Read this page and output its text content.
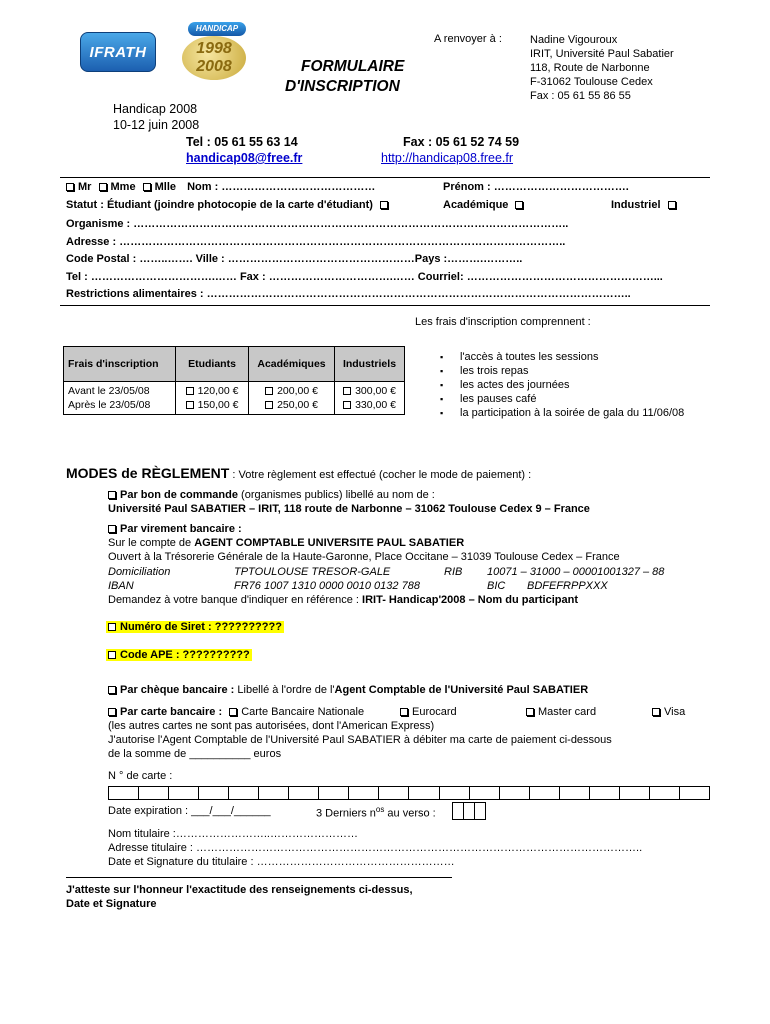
IFRATH
HANDICAP
1998
2008	FORMULAIRE
D'INSCRIPTION
A renvoyer à :	Nadine Vigouroux
IRIT, Université Paul Sabatier
118, Route de Narbonne
F-31062 Toulouse Cedex
Fax : 05 61 55 86 55
Handicap 2008
10-12 juin 2008
Tel : 05 61 55 63 14	Fax : 05 61 52 74 59
handicap08@free.fr	http://handicap08.free.fr
Mr Mme Mlle Nom : ……………………………………	Prénom : ……………………………….
Statut : Étudiant (joindre photocopie de la carte d'étudiant)	Académique	Industriel
Organisme : ………………………………………………………………………………………………………..
Adresse : …………………………………………………………………………………………………………..
Code Postal : ……..……. Ville : ……………………………………………Pays :……….………..
Tel : …………………………….…… Fax : …………………………….…… Courriel: ……………………………………………...
Restrictions alimentaires : ……………………………………………………………………………………………………..
Les frais d'inscription comprennent :
Frais d'inscription	Etudiants	Académiques	Industriels
Avant le 23/05/08	120,00 €	200,00 €	300,00 €
Après le 23/05/08	150,00 €	250,00 €	330,00 €
▪ l'accès à toutes les sessions
▪ les trois repas
▪ les actes des journées
▪ les pauses café
▪ la participation à la soirée de gala du 11/06/08
MODES de RÈGLEMENT : Votre règlement est effectué (cocher le mode de paiement) :
Par bon de commande (organismes publics) libellé au nom de :
Université Paul SABATIER – IRIT, 118 route de Narbonne – 31062 Toulouse Cedex 9 – France
Par virement bancaire :
Sur le compte de AGENT COMPTABLE UNIVERSITE PAUL SABATIER
Ouvert à la Trésorerie Générale de la Haute-Garonne, Place Occitane – 31039 Toulouse Cedex – France
Domiciliation	TPTOULOUSE TRESOR-GALE	RIB 10071 – 31000 – 00001001327 – 88
IBAN	FR76 1007 1310 0000 0010 0132 788	BIC BDFEFRPPXXX
Demandez à votre banque d'indiquer en référence : IRIT- Handicap'2008 – Nom du participant
Numéro de Siret : ??????????
Code APE : ??????????
Par chèque bancaire : Libellé à l'ordre de l'Agent Comptable de l'Université Paul SABATIER
Par carte bancaire : Carte Bancaire Nationale	Eurocard	Master card	Visa
(les autres cartes ne sont pas autorisées, dont l'American Express)
J'autorise l'Agent Comptable de l'Université Paul SABATIER à débiter ma carte de paiement ci-dessous
de la somme de __________ euros
N ° de carte :
Date expiration : ___/___/______	3 Derniers $n^{os}$ au verso :
Nom titulaire :……………………..……………………
Adresse titulaire : …………………………………………………………………………………………………………..
Date et Signature du titulaire : ………………………………………………
J'atteste sur l'honneur l'exactitude des renseignements ci-dessus,
Date et Signature
